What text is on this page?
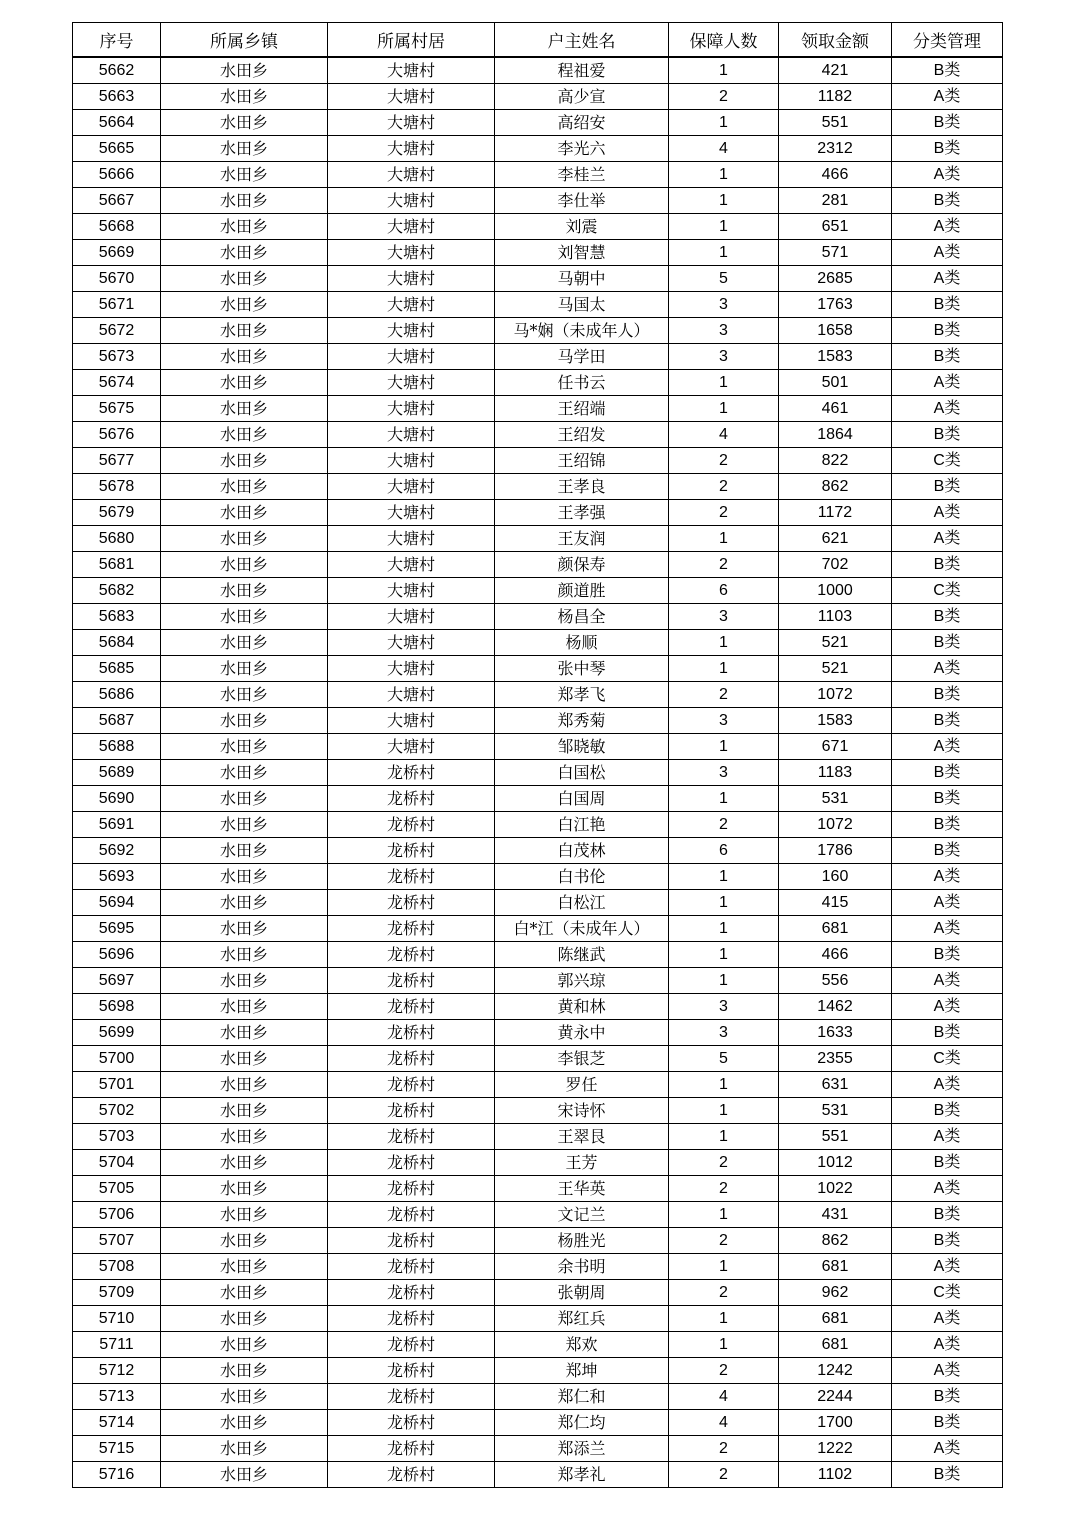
序号	所属乡镇	所属村居	户主姓名	保障人数	领取金额	分类管理
5662	水田乡	大塘村	程祖爱	1	421	B类
5663	水田乡	大塘村	高少宣	2	1182	A类
5664	水田乡	大塘村	高绍安	1	551	B类
5665	水田乡	大塘村	李光六	4	2312	B类
5666	水田乡	大塘村	李桂兰	1	466	A类
5667	水田乡	大塘村	李仕举	1	281	B类
5668	水田乡	大塘村	刘震	1	651	A类
5669	水田乡	大塘村	刘智慧	1	571	A类
5670	水田乡	大塘村	马朝中	5	2685	A类
5671	水田乡	大塘村	马国太	3	1763	B类
5672	水田乡	大塘村	马*娴（未成年人）	3	1658	B类
5673	水田乡	大塘村	马学田	3	1583	B类
5674	水田乡	大塘村	任书云	1	501	A类
5675	水田乡	大塘村	王绍端	1	461	A类
5676	水田乡	大塘村	王绍发	4	1864	B类
5677	水田乡	大塘村	王绍锦	2	822	C类
5678	水田乡	大塘村	王孝良	2	862	B类
5679	水田乡	大塘村	王孝强	2	1172	A类
5680	水田乡	大塘村	王友润	1	621	A类
5681	水田乡	大塘村	颜保寿	2	702	B类
5682	水田乡	大塘村	颜道胜	6	1000	C类
5683	水田乡	大塘村	杨昌全	3	1103	B类
5684	水田乡	大塘村	杨顺	1	521	B类
5685	水田乡	大塘村	张中琴	1	521	A类
5686	水田乡	大塘村	郑孝飞	2	1072	B类
5687	水田乡	大塘村	郑秀菊	3	1583	B类
5688	水田乡	大塘村	邹晓敏	1	671	A类
5689	水田乡	龙桥村	白国松	3	1183	B类
5690	水田乡	龙桥村	白国周	1	531	B类
5691	水田乡	龙桥村	白江艳	2	1072	B类
5692	水田乡	龙桥村	白茂林	6	1786	B类
5693	水田乡	龙桥村	白书伦	1	160	A类
5694	水田乡	龙桥村	白松江	1	415	A类
5695	水田乡	龙桥村	白*江（未成年人）	1	681	A类
5696	水田乡	龙桥村	陈继武	1	466	B类
5697	水田乡	龙桥村	郭兴琼	1	556	A类
5698	水田乡	龙桥村	黄和林	3	1462	A类
5699	水田乡	龙桥村	黄永中	3	1633	B类
5700	水田乡	龙桥村	李银芝	5	2355	C类
5701	水田乡	龙桥村	罗任	1	631	A类
5702	水田乡	龙桥村	宋诗怀	1	531	B类
5703	水田乡	龙桥村	王翠艮	1	551	A类
5704	水田乡	龙桥村	王芳	2	1012	B类
5705	水田乡	龙桥村	王华英	2	1022	A类
5706	水田乡	龙桥村	文记兰	1	431	B类
5707	水田乡	龙桥村	杨胜光	2	862	B类
5708	水田乡	龙桥村	余书明	1	681	A类
5709	水田乡	龙桥村	张朝周	2	962	C类
5710	水田乡	龙桥村	郑红兵	1	681	A类
5711	水田乡	龙桥村	郑欢	1	681	A类
5712	水田乡	龙桥村	郑坤	2	1242	A类
5713	水田乡	龙桥村	郑仁和	4	2244	B类
5714	水田乡	龙桥村	郑仁均	4	1700	B类
5715	水田乡	龙桥村	郑添兰	2	1222	A类
5716	水田乡	龙桥村	郑孝礼	2	1102	B类
